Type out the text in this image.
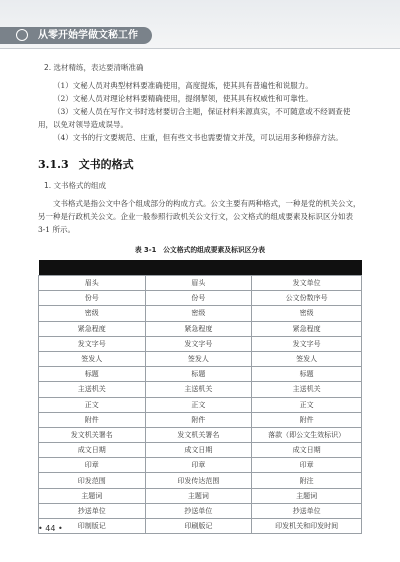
从零开始学做文秘工作
2. 选材精练，表达要清晰准确

（1）文秘人员对典型材料要准确使用，高度提炼，使其具有普遍性和说服力。

（2）文秘人员对理论材料要精确使用，提纲挈领，使其具有权威性和可靠性。

（3）文秘人员在写作文书时选材要切合主题，保证材料来源真实，不可随意或不经调查使用，以免对领导造成误导。

（4）文书的行文要规范、庄重，但有些文书也需要情文并茂，可以运用多种修辞方法。

3.1.3 文书的格式
1. 文书格式的组成

文书格式是指公文中各个组成部分的构成方式。公文主要有两种格式，一种是党的机关公文，另一种是行政机关公文。企业一般参照行政机关公文行文，公文格式的组成要素及标识区分如表 3-1 所示。

表 3-1　公文格式的组成要素及标识区分表

眉头	眉头	发文单位
份号	份号	公文份数序号
密级	密级	密级
紧急程度	紧急程度	紧急程度
发文字号	发文字号	发文字号
签发人	签发人	签发人
标题	标题	标题
主送机关	主送机关	主送机关
正文	正文	正文
附件	附件	附件
发文机关署名	发文机关署名	落款（即公文生效标识）
成文日期	成文日期	成文日期
印章	印章	印章
印发范围	印发传达范围	附注
主题词	主题词	主题词
抄送单位	抄送单位	抄送单位
印制版记	印刷版记	印发机关和印发时间
• 44 •
